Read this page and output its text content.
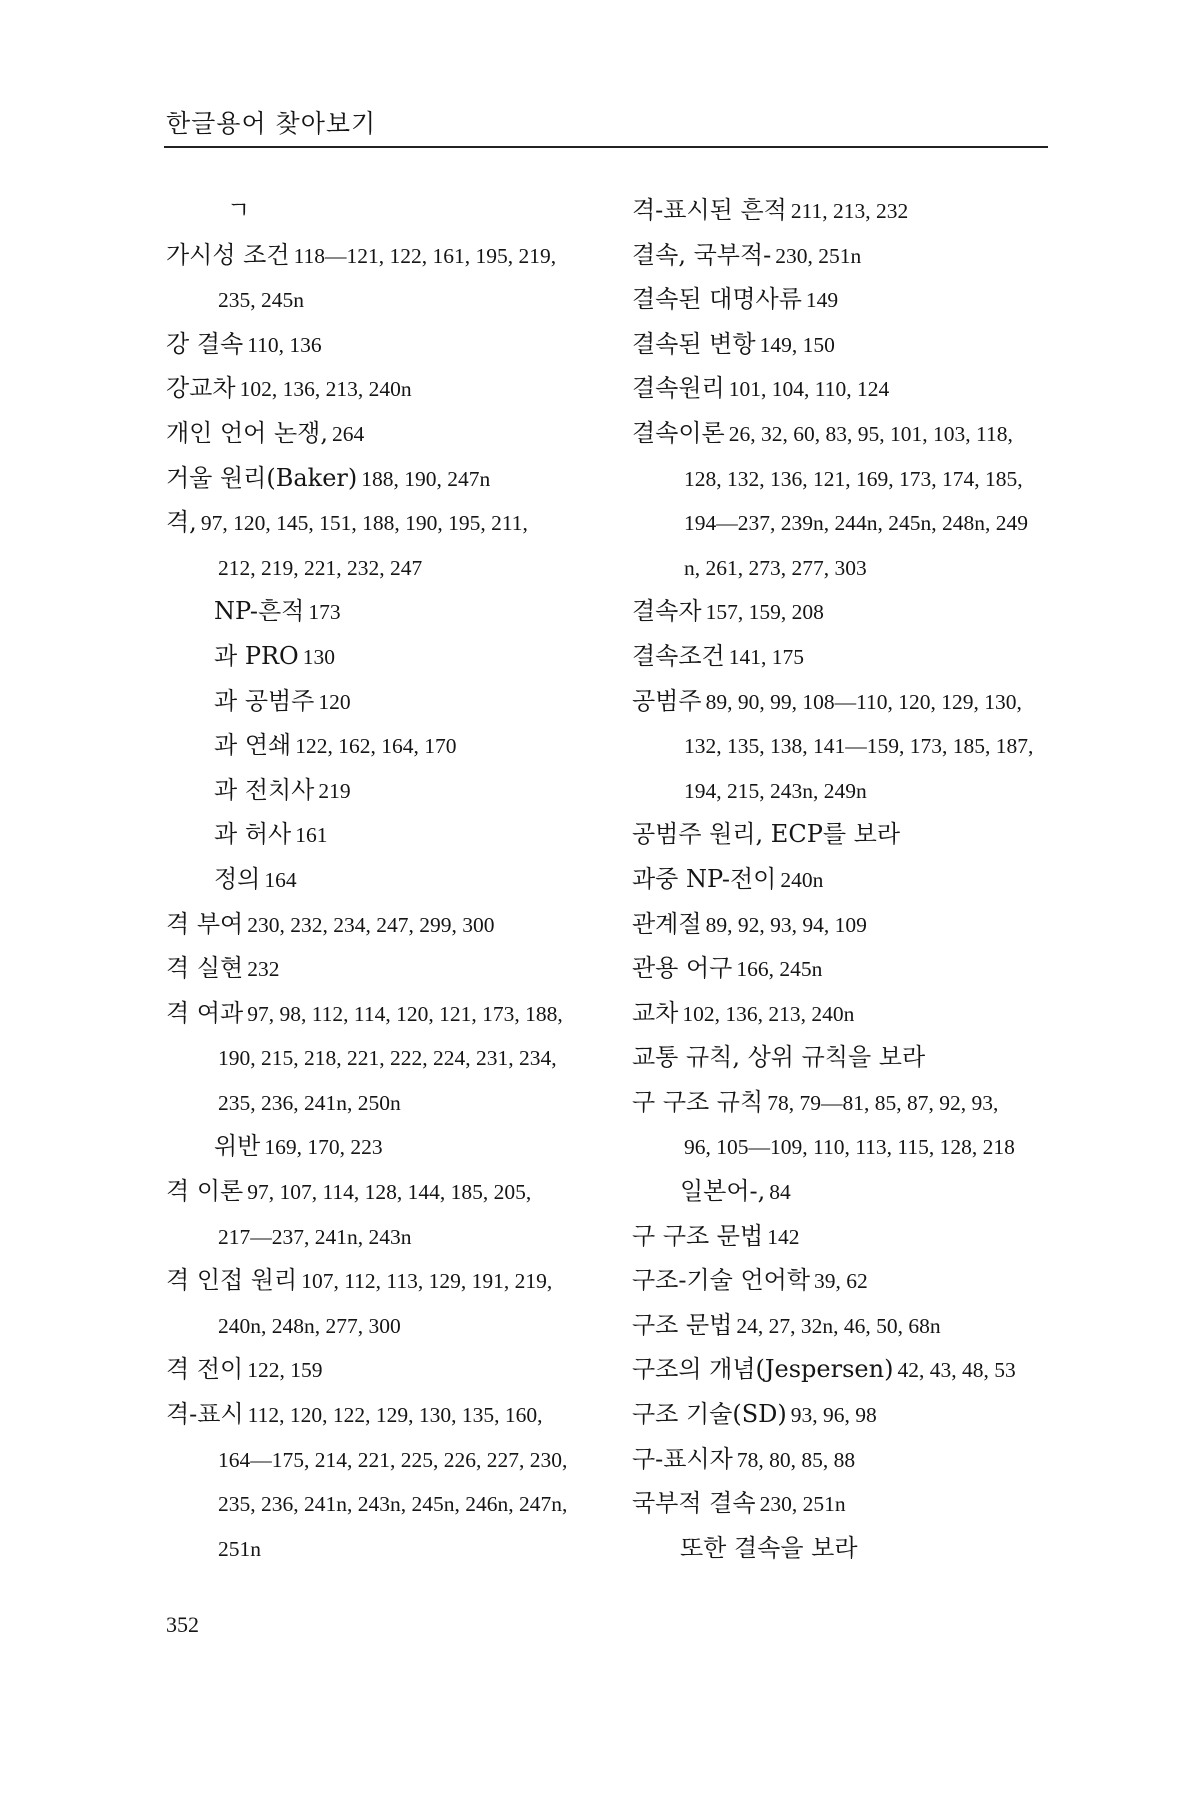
한글용어 찾아보기
ㄱ
가시성 조건 118—121, 122, 161, 195, 219,
235, 245n
강 결속 110, 136
강교차 102, 136, 213, 240n
개인 언어 논쟁, 264
거울 원리(Baker) 188, 190, 247n
격, 97, 120, 145, 151, 188, 190, 195, 211,
212, 219, 221, 232, 247
NP-흔적 173
과 PRO 130
과 공범주 120
과 연쇄 122, 162, 164, 170
과 전치사 219
과 허사 161
정의 164
격 부여 230, 232, 234, 247, 299, 300
격 실현 232
격 여과 97, 98, 112, 114, 120, 121, 173, 188,
190, 215, 218, 221, 222, 224, 231, 234,
235, 236, 241n, 250n
위반 169, 170, 223
격 이론 97, 107, 114, 128, 144, 185, 205,
217—237, 241n, 243n
격 인접 원리 107, 112, 113, 129, 191, 219,
240n, 248n, 277, 300
격 전이 122, 159
격-표시 112, 120, 122, 129, 130, 135, 160,
164—175, 214, 221, 225, 226, 227, 230,
235, 236, 241n, 243n, 245n, 246n, 247n,
251n
격-표시된 흔적 211, 213, 232
결속, 국부적- 230, 251n
결속된 대명사류 149
결속된 변항 149, 150
결속원리 101, 104, 110, 124
결속이론 26, 32, 60, 83, 95, 101, 103, 118,
128, 132, 136, 121, 169, 173, 174, 185,
194—237, 239n, 244n, 245n, 248n, 249
n, 261, 273, 277, 303
결속자 157, 159, 208
결속조건 141, 175
공범주 89, 90, 99, 108—110, 120, 129, 130,
132, 135, 138, 141—159, 173, 185, 187,
194, 215, 243n, 249n
공범주 원리, ECP를 보라
과중 NP-전이 240n
관계절 89, 92, 93, 94, 109
관용 어구 166, 245n
교차 102, 136, 213, 240n
교통 규칙, 상위 규칙을 보라
구 구조 규칙 78, 79—81, 85, 87, 92, 93,
96, 105—109, 110, 113, 115, 128, 218
일본어-, 84
구 구조 문법 142
구조-기술 언어학 39, 62
구조 문법 24, 27, 32n, 46, 50, 68n
구조의 개념(Jespersen) 42, 43, 48, 53
구조 기술(SD) 93, 96, 98
구-표시자 78, 80, 85, 88
국부적 결속 230, 251n
또한 결속을 보라
352
